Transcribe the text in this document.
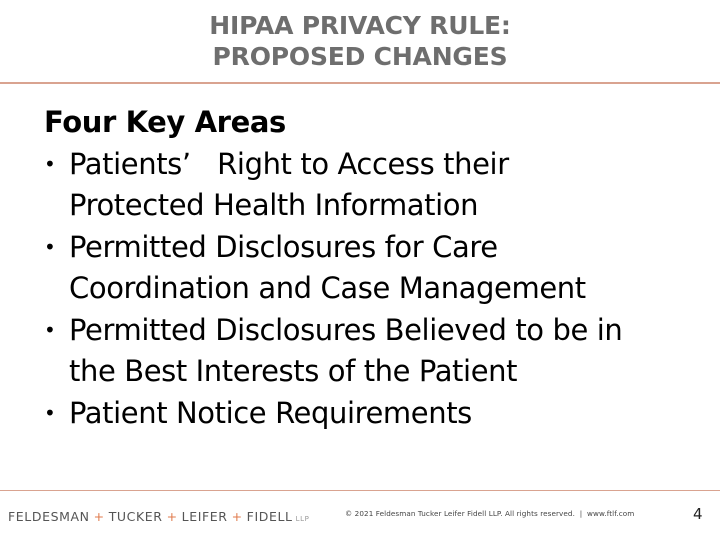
HIPAA PRIVACY RULE:
PROPOSED CHANGES
Four Key Areas
• Patients’   Right to Access their
Protected Health Information
• Permitted Disclosures for Care
Coordination and Case Management
• Permitted Disclosures Believed to be in
the Best Interests of the Patient
• Patient Notice Requirements
FELDESMAN + TUCKER + LEIFER + FIDELL LLP
© 2021 Feldesman Tucker Leifer Fidell LLP. All rights reserved.  |  www.ftlf.com	4
